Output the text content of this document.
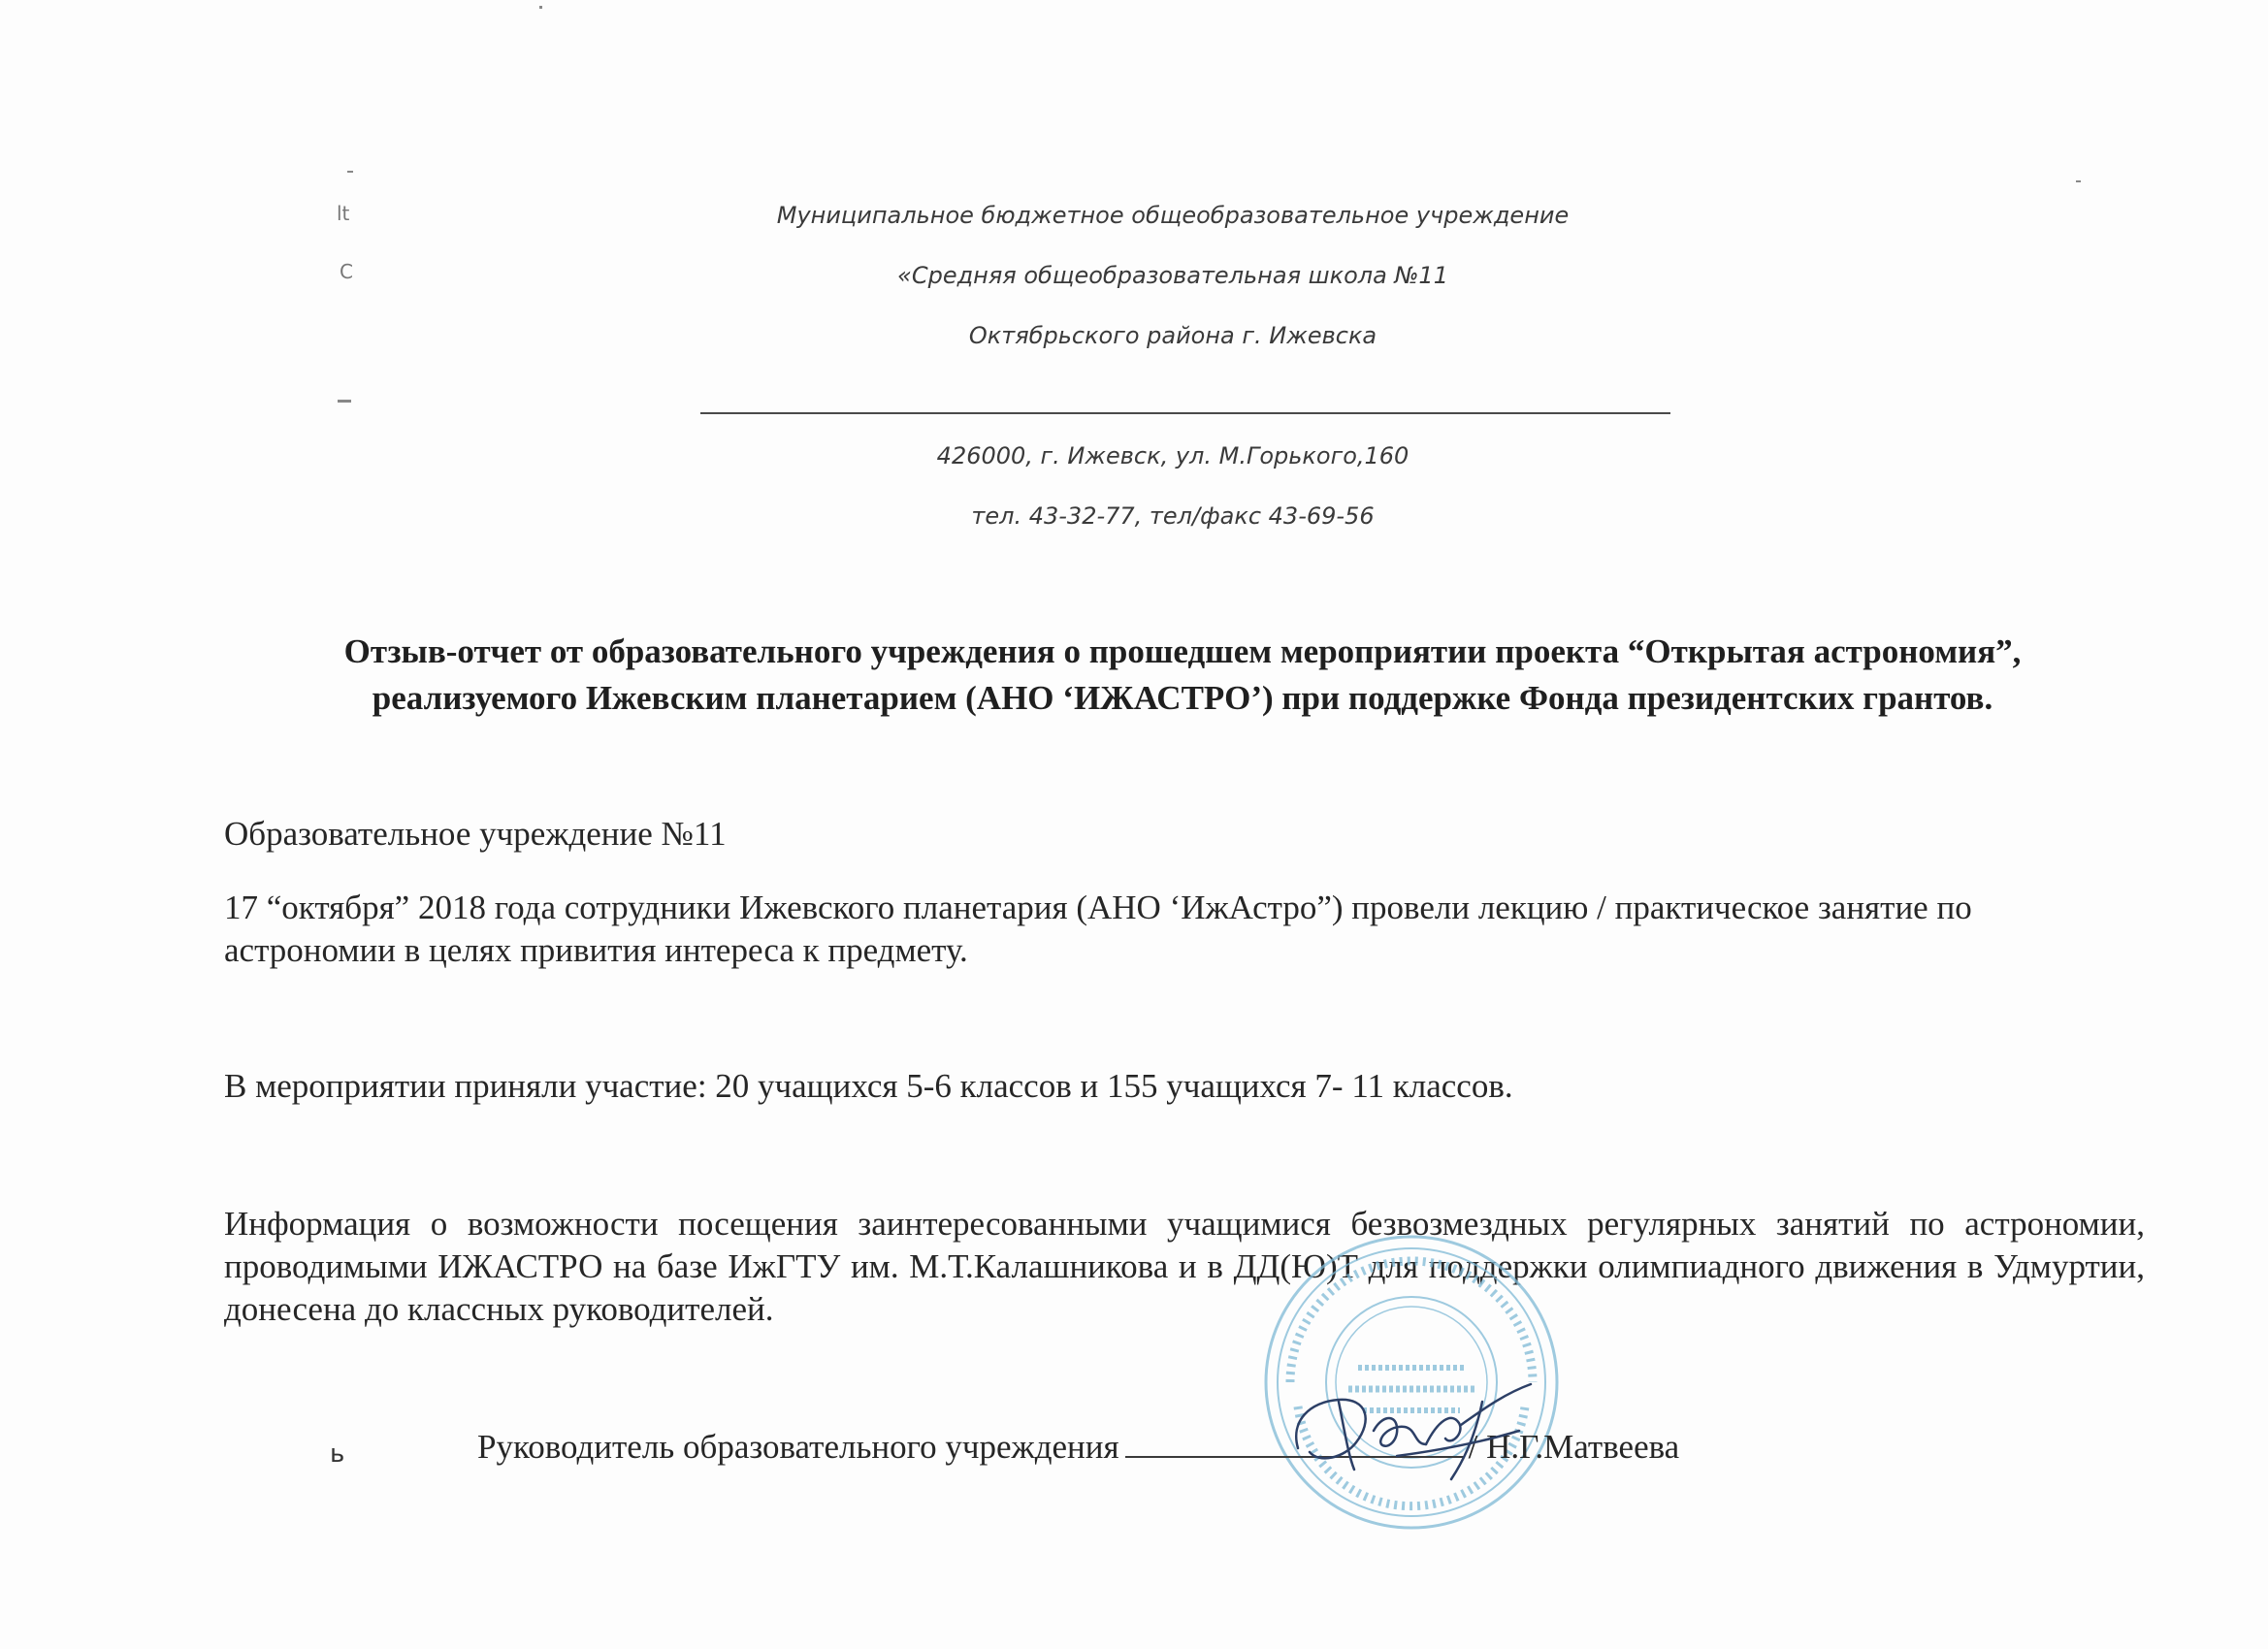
Муниципальное бюджетное общеобразовательное учреждение
«Средняя общеобразовательная школа №11
Октябрьского района г. Ижевска
426000, г. Ижевск, ул. М.Горького,160
тел. 43-32-77, тел/факс 43-69-56
Отзыв-отчет от образовательного учреждения о прошедшем мероприятии проекта “Открытая астрономия”,
реализуемого Ижевским планетарием (АНО ‘ИЖАСТРО’) при поддержке Фонда президентских грантов.
Образовательное учреждение №11
17 “октября” 2018 года сотрудники Ижевского планетария (АНО ‘ИжАстро”) провели лекцию / практическое занятие по астрономии в целях привития интереса к предмету.
В мероприятии приняли участие: 20 учащихся 5-6 классов и 155 учащихся 7- 11 классов.
Информация о возможности посещения заинтересованными учащимися безвозмездных регулярных занятий по астрономии, проводимыми ИЖАСТРО на базе ИжГТУ им. М.Т.Калашникова и в ДД(Ю)Т для поддержки олимпиадного движения в Удмуртии, донесена до классных руководителей.
Руководитель образовательного учреждения	/ Н.Г.Матвеева
lt
C
ь
